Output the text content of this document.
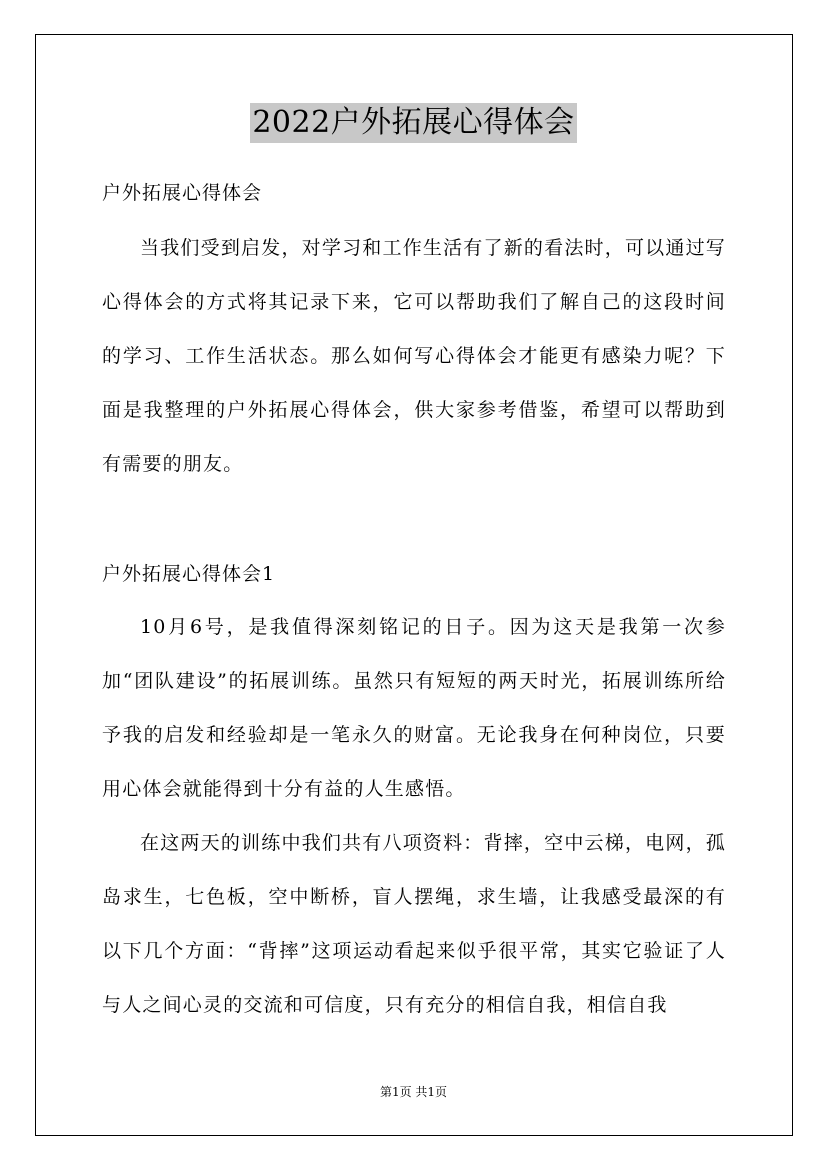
2022户外拓展心得体会
户外拓展心得体会

当我们受到启发，对学习和工作生活有了新的看法时，可以通过写心得体会的方式将其记录下来，它可以帮助我们了解自己的这段时间的学习、工作生活状态。那么如何写心得体会才能更有感染力呢？下面是我整理的户外拓展心得体会，供大家参考借鉴，希望可以帮助到有需要的朋友。

户外拓展心得体会1

10月6号，是我值得深刻铭记的日子。因为这天是我第一次参加“团队建设”的拓展训练。虽然只有短短的两天时光，拓展训练所给予我的启发和经验却是一笔永久的财富。无论我身在何种岗位，只要用心体会就能得到十分有益的人生感悟。

在这两天的训练中我们共有八项资料：背摔，空中云梯，电网，孤岛求生，七色板，空中断桥，盲人摆绳，求生墙，让我感受最深的有以下几个方面：“背摔”这项运动看起来似乎很平常，其实它验证了人与人之间心灵的交流和可信度，只有充分的相信自我，相信自我

第1页 共1页
